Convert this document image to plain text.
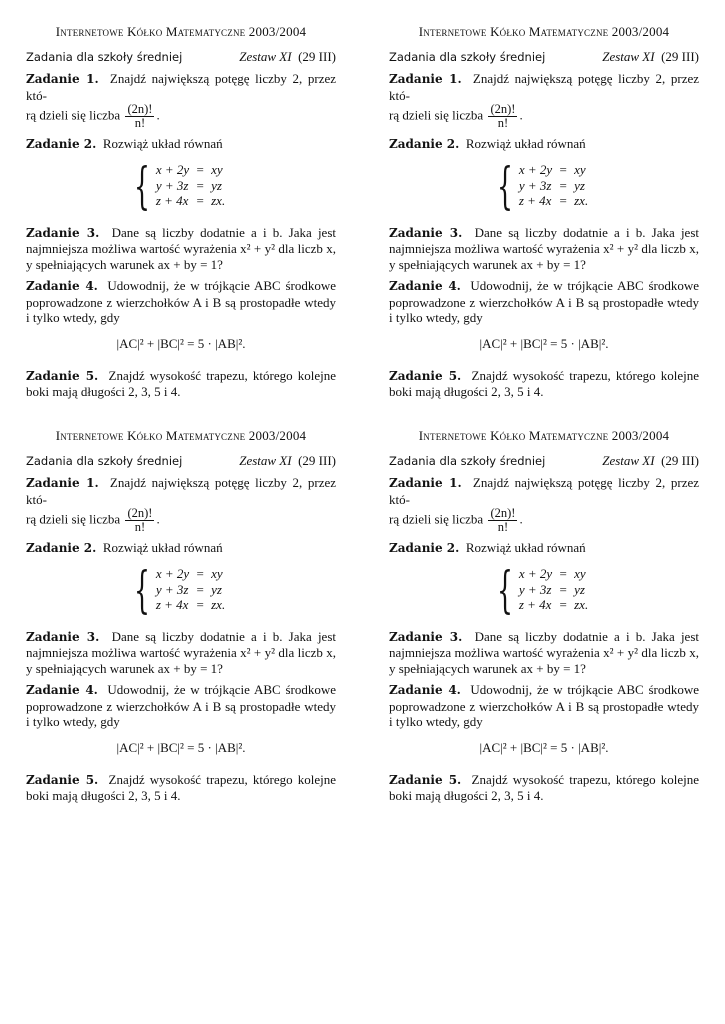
Internetowe Kółko Matematyczne 2003/2004

Zadania dla szkoły średniej	Zestaw XI (29 III)
Zadanie 1. Znajdź największą potęgę liczby 2, przez któ-
rą dzieli się liczba $\frac{(2n)!}{n!}$ .
Zadanie 2. Rozwiąż układ równań
{ x + 2y = xy
y + 3z = yz
z + 4x = zx.
Zadanie 3. Dane są liczby dodatnie a i b. Jaka jest najmniejsza możliwa wartość wyrażenia x² + y² dla liczb x, y spełniających warunek ax + by = 1?
Zadanie 4. Udowodnij, że w trójkącie ABC środkowe poprowadzone z wierzchołków A i B są prostopadłe wtedy i tylko wtedy, gdy
|AC|² + |BC|² = 5 · |AB|².
Zadanie 5. Znajdź wysokość trapezu, którego kolejne boki mają długości 2, 3, 5 i 4.

Internetowe Kółko Matematyczne 2003/2004

Zadania dla szkoły średniej	Zestaw XI (29 III)
Zadanie 1. Znajdź największą potęgę liczby 2, przez któ-
rą dzieli się liczba $\frac{(2n)!}{n!}$ .
Zadanie 2. Rozwiąż układ równań
{ x + 2y = xy
y + 3z = yz
z + 4x = zx.
Zadanie 3. Dane są liczby dodatnie a i b. Jaka jest najmniejsza możliwa wartość wyrażenia x² + y² dla liczb x, y spełniających warunek ax + by = 1?
Zadanie 4. Udowodnij, że w trójkącie ABC środkowe poprowadzone z wierzchołków A i B są prostopadłe wtedy i tylko wtedy, gdy
|AC|² + |BC|² = 5 · |AB|².
Zadanie 5. Znajdź wysokość trapezu, którego kolejne boki mają długości 2, 3, 5 i 4.

Internetowe Kółko Matematyczne 2003/2004

Zadania dla szkoły średniej	Zestaw XI (29 III)
Zadanie 1. Znajdź największą potęgę liczby 2, przez któ-
rą dzieli się liczba $\frac{(2n)!}{n!}$ .
Zadanie 2. Rozwiąż układ równań
{ x + 2y = xy
y + 3z = yz
z + 4x = zx.
Zadanie 3. Dane są liczby dodatnie a i b. Jaka jest najmniejsza możliwa wartość wyrażenia x² + y² dla liczb x, y spełniających warunek ax + by = 1?
Zadanie 4. Udowodnij, że w trójkącie ABC środkowe poprowadzone z wierzchołków A i B są prostopadłe wtedy i tylko wtedy, gdy
|AC|² + |BC|² = 5 · |AB|².
Zadanie 5. Znajdź wysokość trapezu, którego kolejne boki mają długości 2, 3, 5 i 4.

Internetowe Kółko Matematyczne 2003/2004

Zadania dla szkoły średniej	Zestaw XI (29 III)
Zadanie 1. Znajdź największą potęgę liczby 2, przez któ-
rą dzieli się liczba $\frac{(2n)!}{n!}$ .
Zadanie 2. Rozwiąż układ równań
{ x + 2y = xy
y + 3z = yz
z + 4x = zx.
Zadanie 3. Dane są liczby dodatnie a i b. Jaka jest najmniejsza możliwa wartość wyrażenia x² + y² dla liczb x, y spełniających warunek ax + by = 1?
Zadanie 4. Udowodnij, że w trójkącie ABC środkowe poprowadzone z wierzchołków A i B są prostopadłe wtedy i tylko wtedy, gdy
|AC|² + |BC|² = 5 · |AB|².
Zadanie 5. Znajdź wysokość trapezu, którego kolejne boki mają długości 2, 3, 5 i 4.
